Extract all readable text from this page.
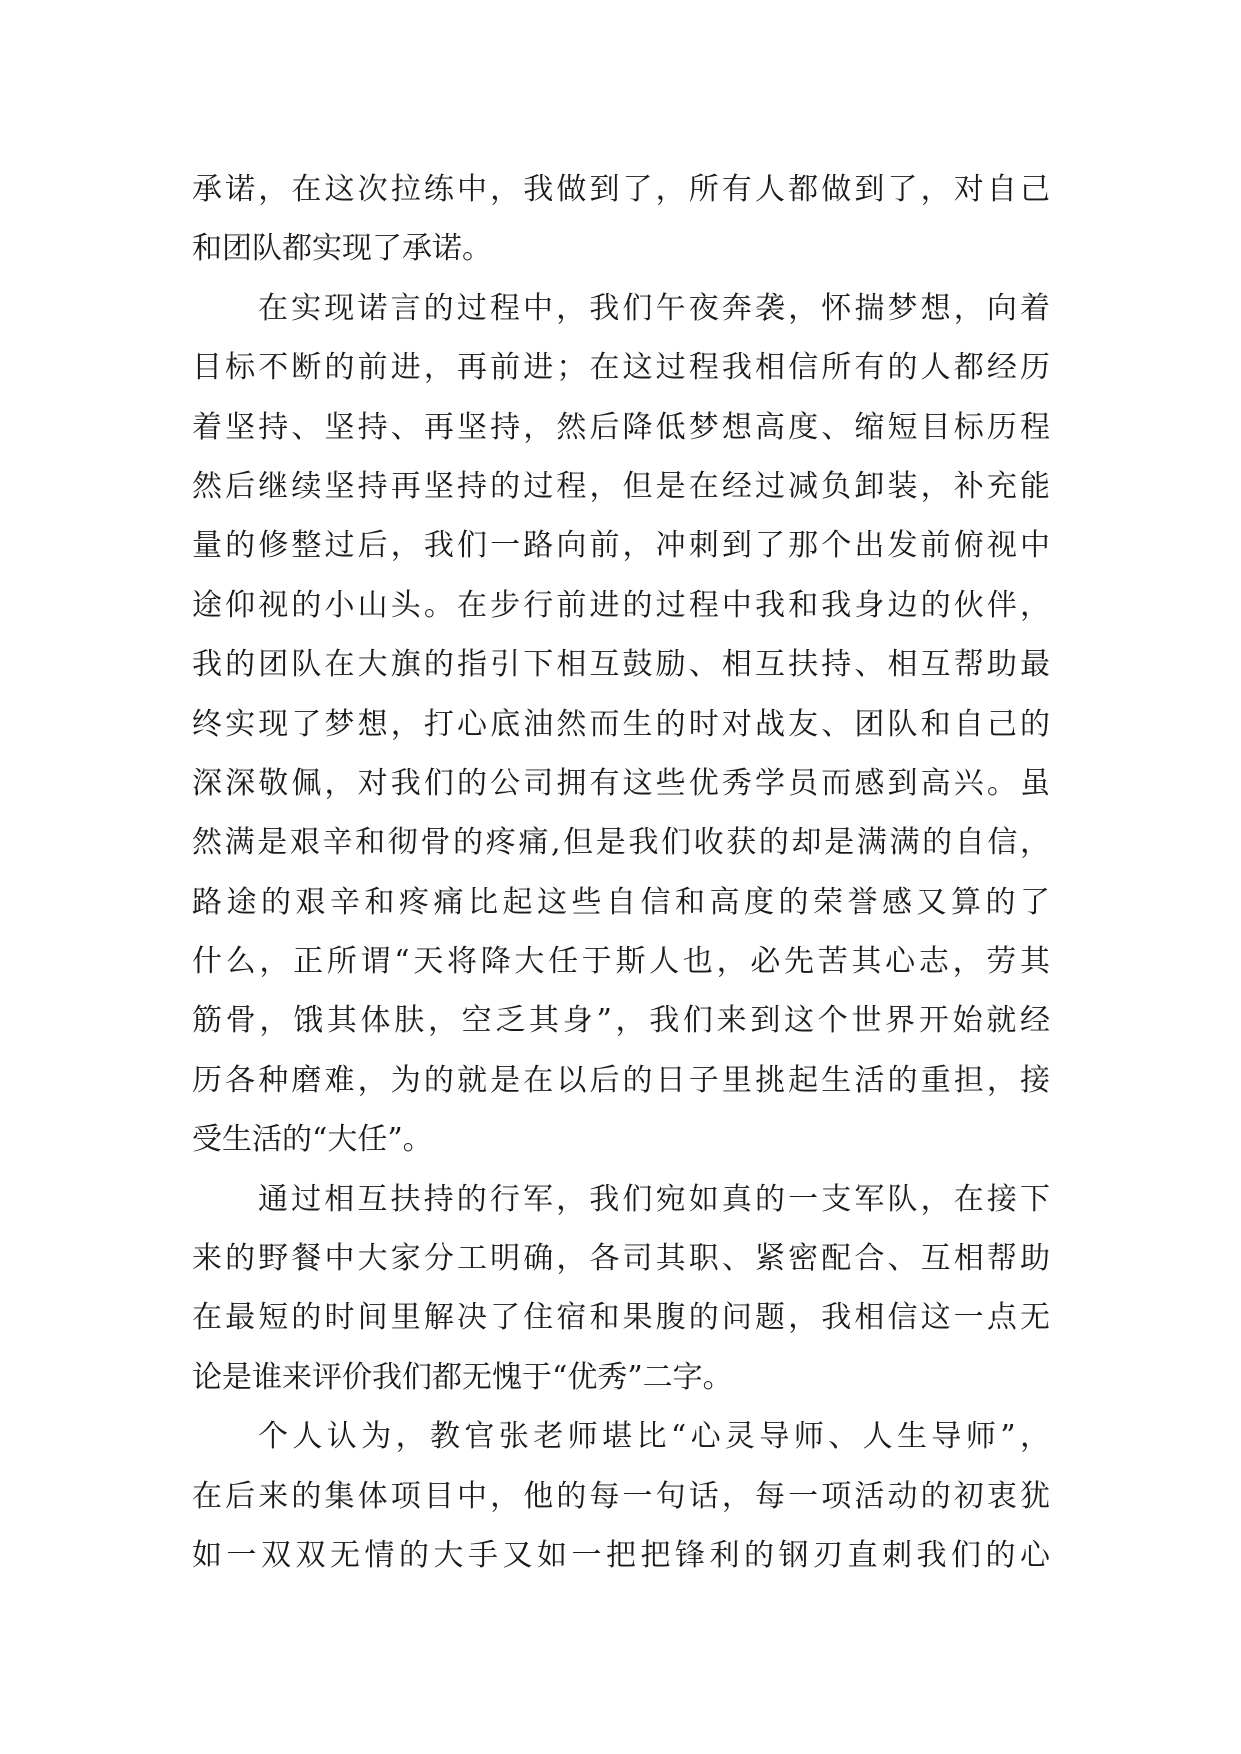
承诺，在这次拉练中，我做到了，所有人都做到了，对自己
和团队都实现了承诺。
在实现诺言的过程中，我们午夜奔袭，怀揣梦想，向着
目标不断的前进，再前进；在这过程我相信所有的人都经历
着坚持、坚持、再坚持，然后降低梦想高度、缩短目标历程
然后继续坚持再坚持的过程，但是在经过减负卸装，补充能
量的修整过后，我们一路向前，冲刺到了那个出发前俯视中
途仰视的小山头。在步行前进的过程中我和我身边的伙伴，
我的团队在大旗的指引下相互鼓励、相互扶持、相互帮助最
终实现了梦想，打心底油然而生的时对战友、团队和自己的
深深敬佩，对我们的公司拥有这些优秀学员而感到高兴。虽
然满是艰辛和彻骨的疼痛,但是我们收获的却是满满的自信，
路途的艰辛和疼痛比起这些自信和高度的荣誉感又算的了
什么，正所谓“天将降大任于斯人也，必先苦其心志，劳其
筋骨，饿其体肤，空乏其身”，我们来到这个世界开始就经
历各种磨难，为的就是在以后的日子里挑起生活的重担，接
受生活的“大任”。
通过相互扶持的行军，我们宛如真的一支军队，在接下
来的野餐中大家分工明确，各司其职、紧密配合、互相帮助
在最短的时间里解决了住宿和果腹的问题，我相信这一点无
论是谁来评价我们都无愧于“优秀”二字。
个人认为，教官张老师堪比“心灵导师、人生导师”，
在后来的集体项目中，他的每一句话，每一项活动的初衷犹
如一双双无情的大手又如一把把锋利的钢刃直刺我们的心
